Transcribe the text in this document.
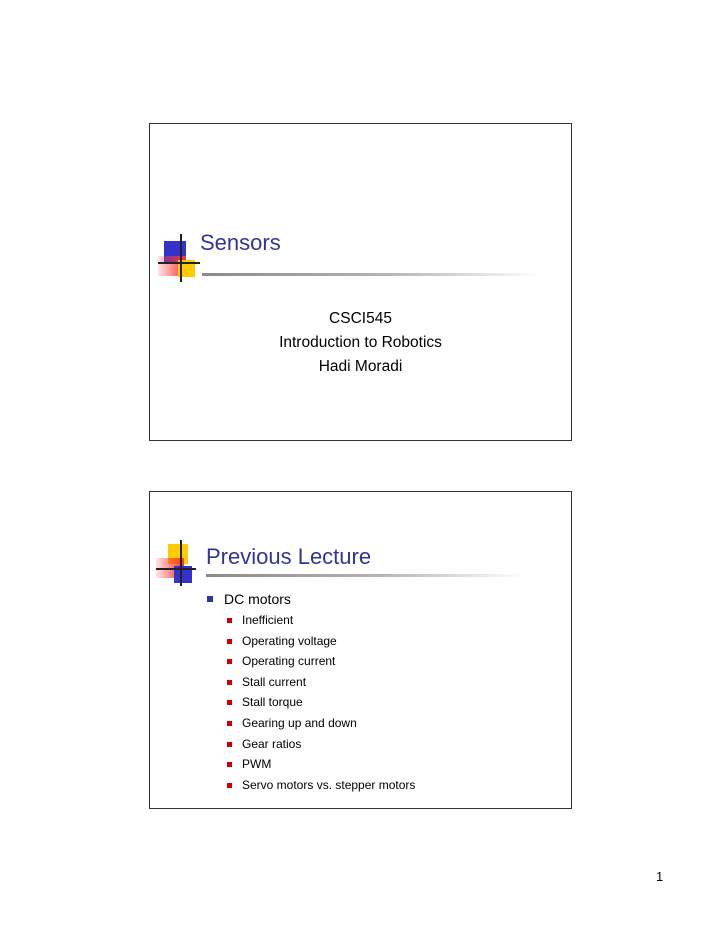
Sensors
CSCI545
Introduction to Robotics
Hadi Moradi
Previous Lecture
DC motors
Inefficient
Operating voltage
Operating current
Stall current
Stall torque
Gearing up and down
Gear ratios
PWM
Servo motors vs. stepper motors
1
